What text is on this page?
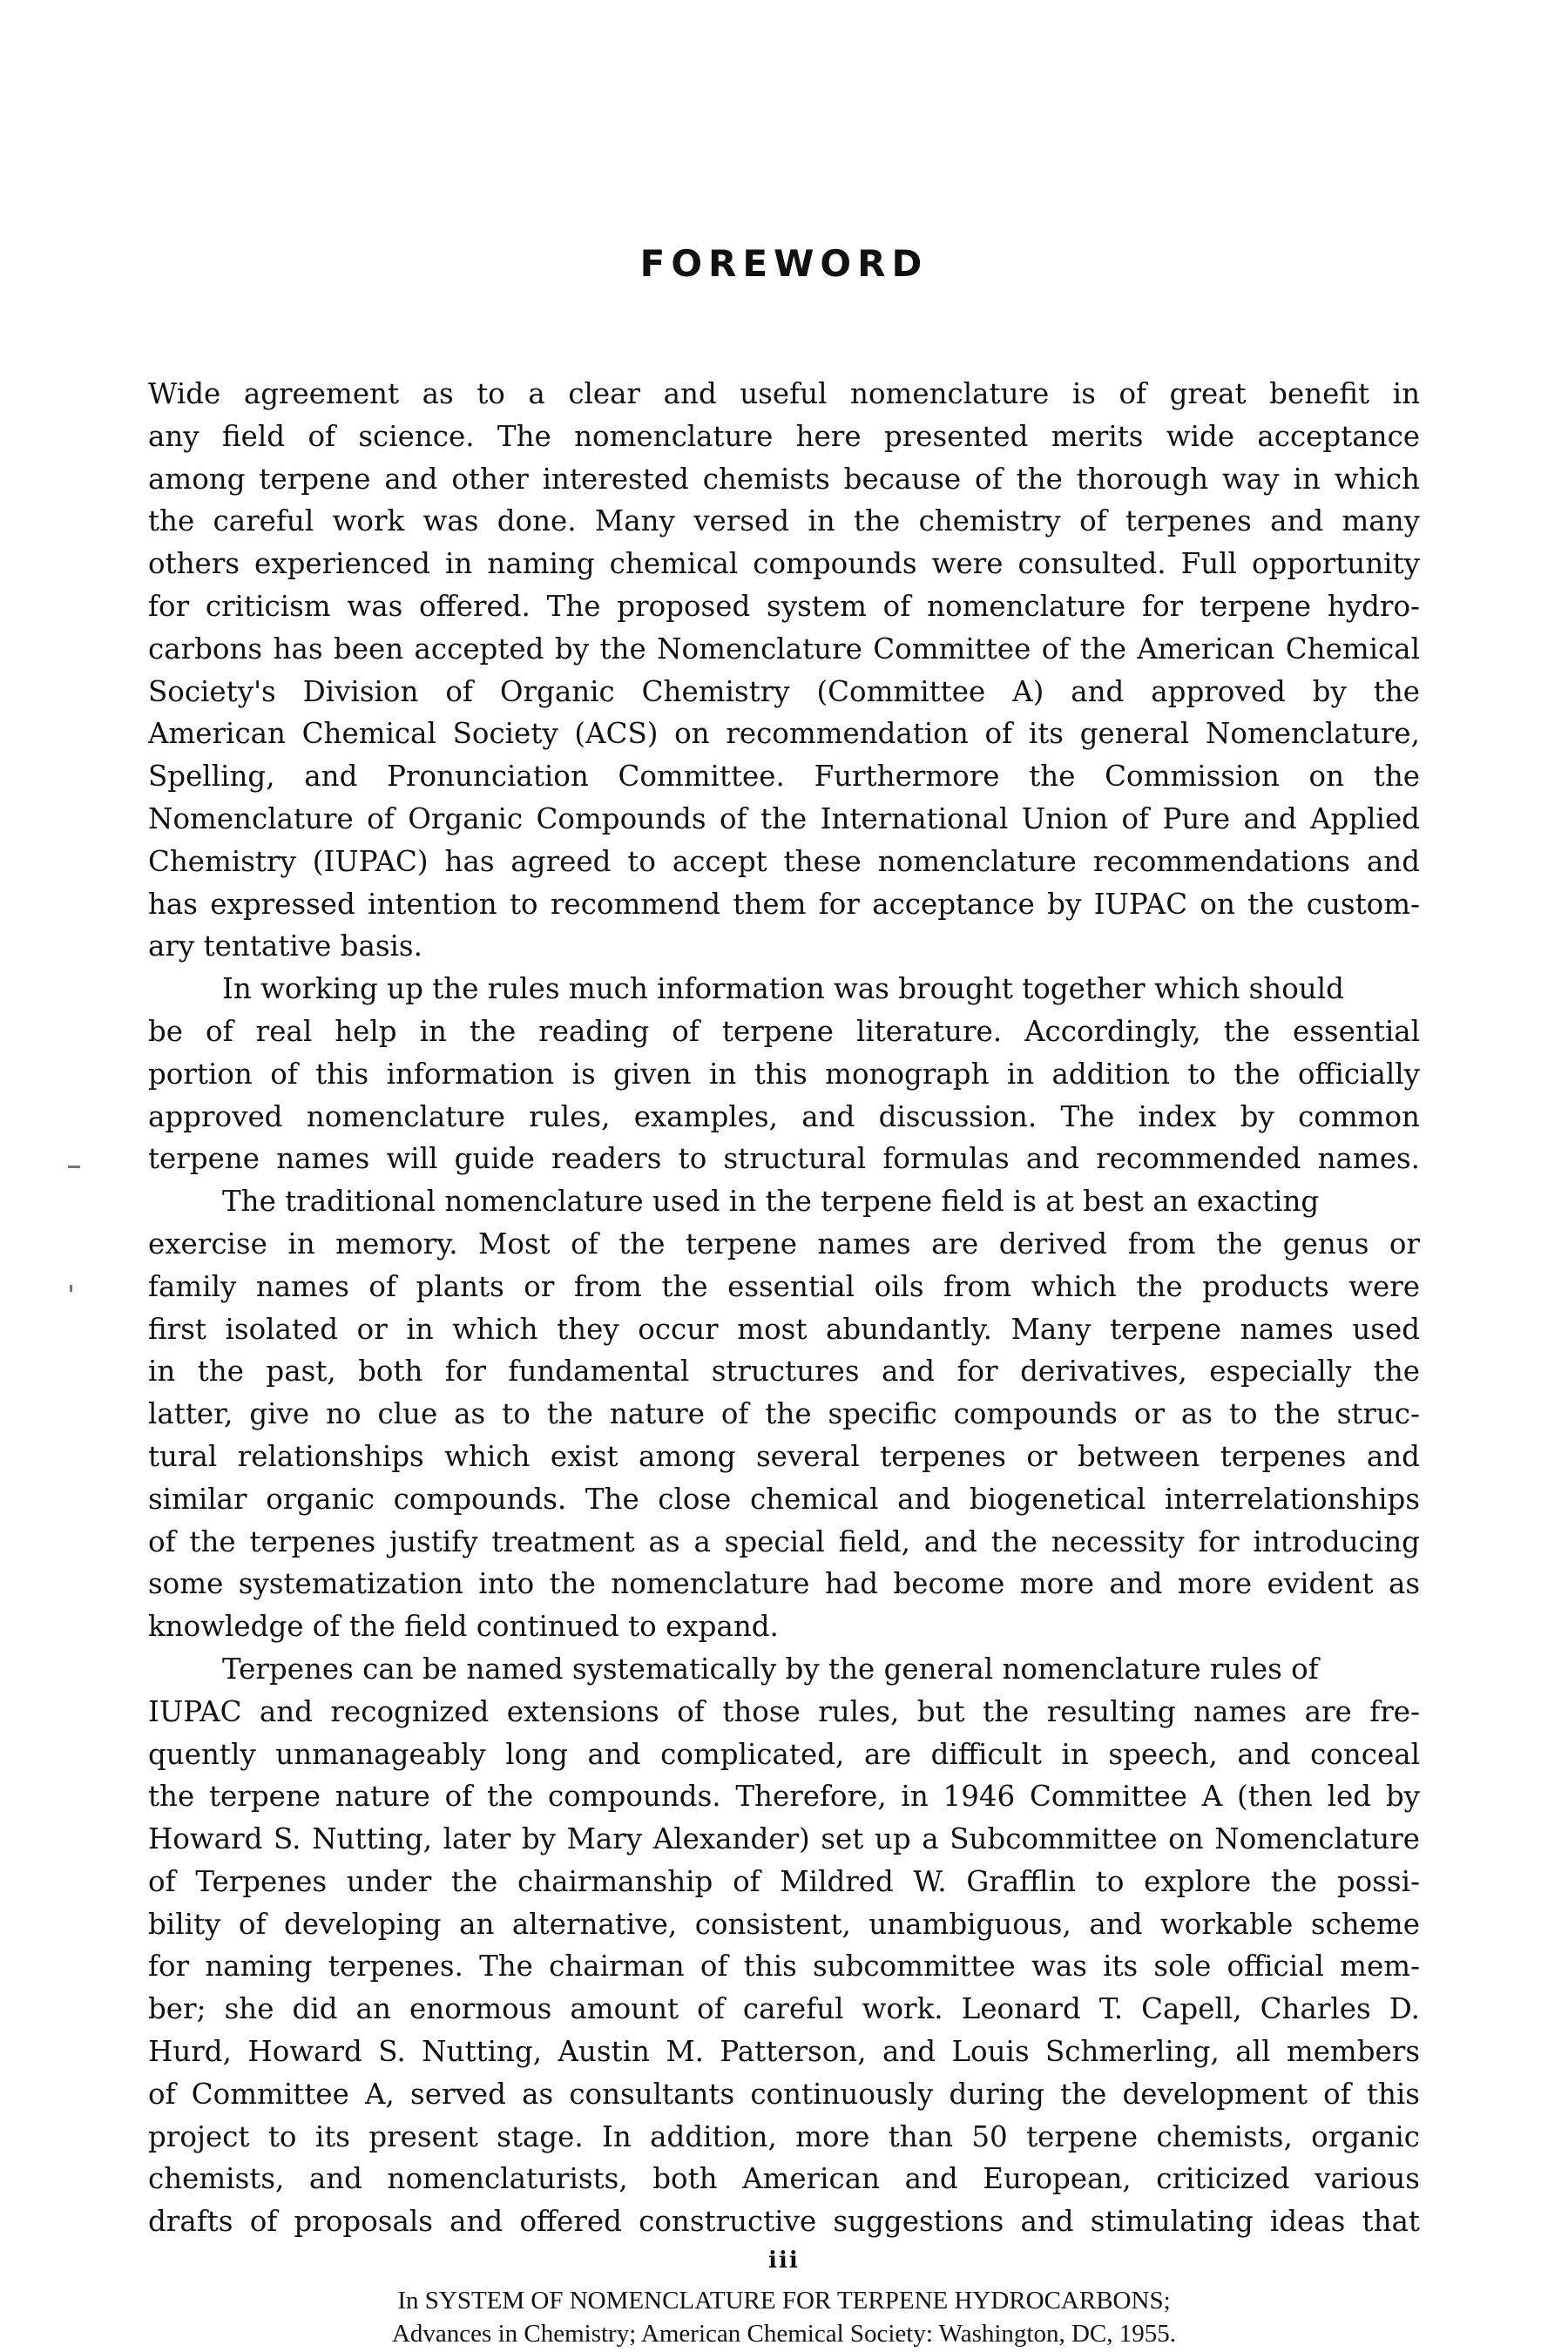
FOREWORD
Wide agreement as to a clear and useful nomenclature is of great benefit in
any field of science. The nomenclature here presented merits wide acceptance
among terpene and other interested chemists because of the thorough way in which
the careful work was done. Many versed in the chemistry of terpenes and many
others experienced in naming chemical compounds were consulted. Full opportunity
for criticism was offered. The proposed system of nomenclature for terpene hydro-
carbons has been accepted by the Nomenclature Committee of the American Chemical
Society's Division of Organic Chemistry (Committee A) and approved by the
American Chemical Society (ACS) on recommendation of its general Nomenclature,
Spelling, and Pronunciation Committee. Furthermore the Commission on the
Nomenclature of Organic Compounds of the International Union of Pure and Applied
Chemistry (IUPAC) has agreed to accept these nomenclature recommendations and
has expressed intention to recommend them for acceptance by IUPAC on the custom-
ary tentative basis.
In working up the rules much information was brought together which should
be of real help in the reading of terpene literature. Accordingly, the essential
portion of this information is given in this monograph in addition to the officially
approved nomenclature rules, examples, and discussion. The index by common
terpene names will guide readers to structural formulas and recommended names.
The traditional nomenclature used in the terpene field is at best an exacting
exercise in memory. Most of the terpene names are derived from the genus or
family names of plants or from the essential oils from which the products were
first isolated or in which they occur most abundantly. Many terpene names used
in the past, both for fundamental structures and for derivatives, especially the
latter, give no clue as to the nature of the specific compounds or as to the struc-
tural relationships which exist among several terpenes or between terpenes and
similar organic compounds. The close chemical and biogenetical interrelationships
of the terpenes justify treatment as a special field, and the necessity for introducing
some systematization into the nomenclature had become more and more evident as
knowledge of the field continued to expand.
Terpenes can be named systematically by the general nomenclature rules of
IUPAC and recognized extensions of those rules, but the resulting names are fre-
quently unmanageably long and complicated, are difficult in speech, and conceal
the terpene nature of the compounds. Therefore, in 1946 Committee A (then led by
Howard S. Nutting, later by Mary Alexander) set up a Subcommittee on Nomenclature
of Terpenes under the chairmanship of Mildred W. Grafflin to explore the possi-
bility of developing an alternative, consistent, unambiguous, and workable scheme
for naming terpenes. The chairman of this subcommittee was its sole official mem-
ber; she did an enormous amount of careful work. Leonard T. Capell, Charles D.
Hurd, Howard S. Nutting, Austin M. Patterson, and Louis Schmerling, all members
of Committee A, served as consultants continuously during the development of this
project to its present stage. In addition, more than 50 terpene chemists, organic
chemists, and nomenclaturists, both American and European, criticized various
drafts of proposals and offered constructive suggestions and stimulating ideas that
iii
In SYSTEM OF NOMENCLATURE FOR TERPENE HYDROCARBONS;
Advances in Chemistry; American Chemical Society: Washington, DC, 1955.
